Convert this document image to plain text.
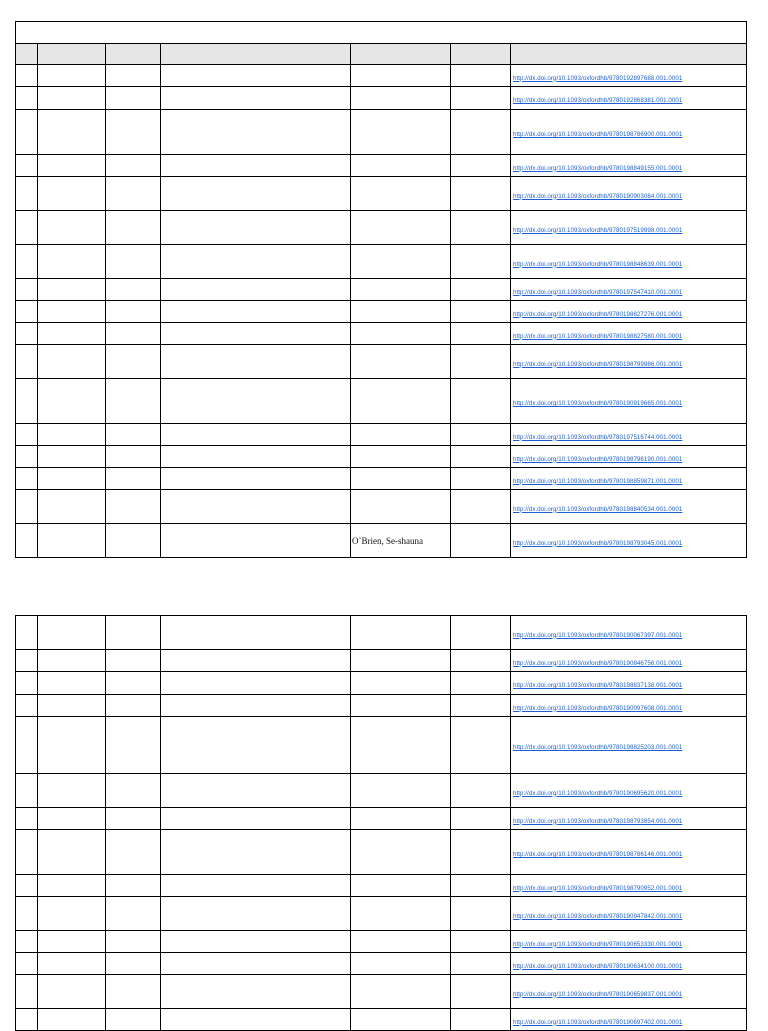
						http://dx.doi.org/10.1093/oxfordhb/9780192897688.001.0001
						http://dx.doi.org/10.1093/oxfordhb/9780192868381.001.0001
						http://dx.doi.org/10.1093/oxfordhb/9780198786900.001.0001
						http://dx.doi.org/10.1093/oxfordhb/9780198849155.001.0001
						http://dx.doi.org/10.1093/oxfordhb/9780190903084.001.0001
						http://dx.doi.org/10.1093/oxfordhb/9780197519998.001.0001
						http://dx.doi.org/10.1093/oxfordhb/9780198848639.001.0001
						http://dx.doi.org/10.1093/oxfordhb/9780197547410.001.0001
						http://dx.doi.org/10.1093/oxfordhb/9780198827276.001.0001
						http://dx.doi.org/10.1093/oxfordhb/9780198827580.001.0001
						http://dx.doi.org/10.1093/oxfordhb/9780198799986.001.0001
						http://dx.doi.org/10.1093/oxfordhb/9780190919665.001.0001
						http://dx.doi.org/10.1093/oxfordhb/9780197516744.001.0001
						http://dx.doi.org/10.1093/oxfordhb/9780198796190.001.0001
						http://dx.doi.org/10.1093/oxfordhb/9780198859871.001.0001
						http://dx.doi.org/10.1093/oxfordhb/9780198840534.001.0001
				O`Brien, Se-shauna		http://dx.doi.org/10.1093/oxfordhb/9780198793045.001.0001
						http://dx.doi.org/10.1093/oxfordhb/9780190067397.001.0001
						http://dx.doi.org/10.1093/oxfordhb/9780190846756.001.0001
						http://dx.doi.org/10.1093/oxfordhb/9780198837138.001.0001
						http://dx.doi.org/10.1093/oxfordhb/9780190097608.001.0001
						http://dx.doi.org/10.1093/oxfordhb/9780198825203.001.0001
						http://dx.doi.org/10.1093/oxfordhb/9780190695620.001.0001
						http://dx.doi.org/10.1093/oxfordhb/9780198793854.001.0001
						http://dx.doi.org/10.1093/oxfordhb/9780198786146.001.0001
						http://dx.doi.org/10.1093/oxfordhb/9780198790952.001.0001
						http://dx.doi.org/10.1093/oxfordhb/9780190947842.001.0001
						http://dx.doi.org/10.1093/oxfordhb/9780190653330.001.0001
						http://dx.doi.org/10.1093/oxfordhb/9780190634100.001.0001
						http://dx.doi.org/10.1093/oxfordhb/9780190659837.001.0001
						http://dx.doi.org/10.1093/oxfordhb/9780190697402.001.0001
